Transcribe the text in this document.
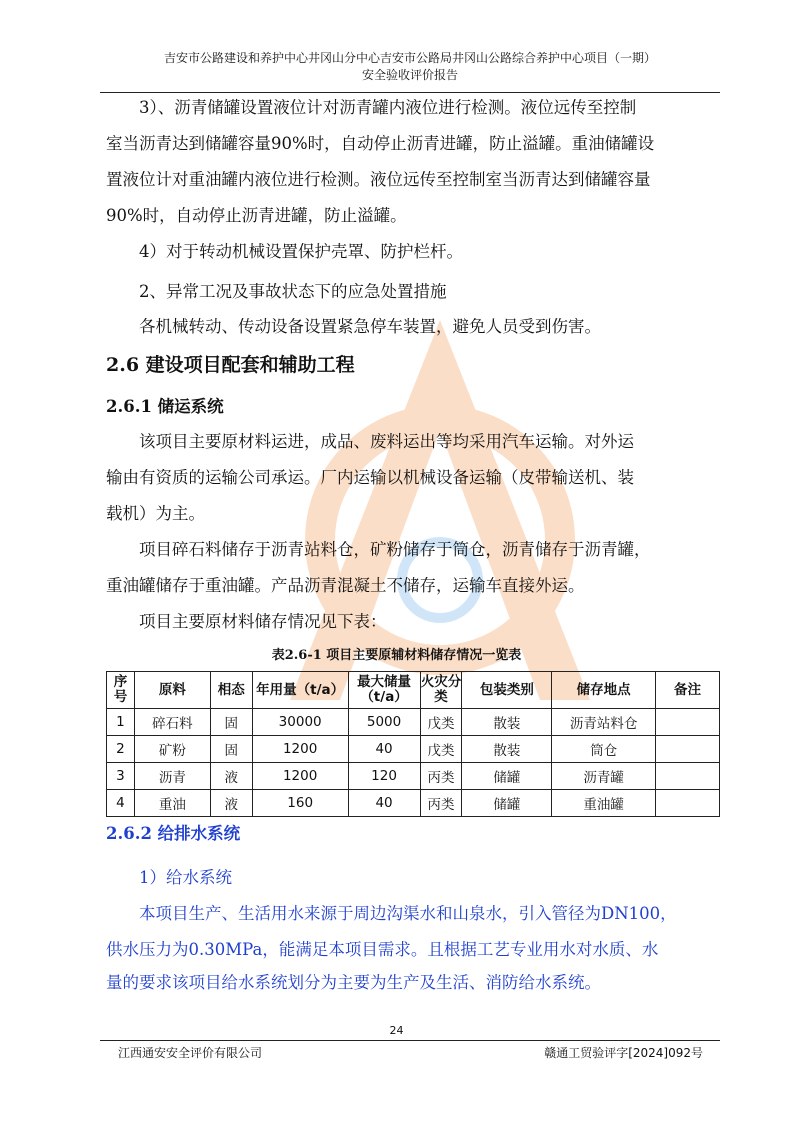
吉安市公路建设和养护中心井冈山分中心吉安市公路局井冈山公路综合养护中心项目（一期）
安全验收评价报告
3）、沥青储罐设置液位计对沥青罐内液位进行检测。液位远传至控制
室当沥青达到储罐容量90%时，自动停止沥青进罐，防止溢罐。重油储罐设
置液位计对重油罐内液位进行检测。液位远传至控制室当沥青达到储罐容量
90%时，自动停止沥青进罐，防止溢罐。
4）对于转动机械设置保护壳罩、防护栏杆。
2、异常工况及事故状态下的应急处置措施
各机械转动、传动设备设置紧急停车装置，避免人员受到伤害。
2.6 建设项目配套和辅助工程
2.6.1 储运系统
该项目主要原材料运进，成品、废料运出等均采用汽车运输。对外运
输由有资质的运输公司承运。厂内运输以机械设备运输（皮带输送机、装
载机）为主。
项目碎石料储存于沥青站料仓，矿粉储存于筒仓，沥青储存于沥青罐，
重油罐储存于重油罐。产品沥青混凝土不储存，运输车直接外运。
项目主要原材料储存情况见下表：
表2.6-1 项目主要原辅材料储存情况一览表
序号	原料	相态	年用量（t/a）	最大储量（t/a）	火灾分类	包装类别	储存地点	备注
1	碎石料	固	30000	5000	戊类	散装	沥青站料仓	
2	矿粉	固	1200	40	戊类	散装	筒仓	
3	沥青	液	1200	120	丙类	储罐	沥青罐	
4	重油	液	160	40	丙类	储罐	重油罐	
2.6.2 给排水系统
1）给水系统
本项目生产、生活用水来源于周边沟渠水和山泉水，引入管径为DN100，
供水压力为0.30MPa，能满足本项目需求。且根据工艺专业用水对水质、水
量的要求该项目给水系统划分为主要为生产及生活、消防给水系统。
24
江西通安安全评价有限公司	赣通工贸验评字[2024]092号
